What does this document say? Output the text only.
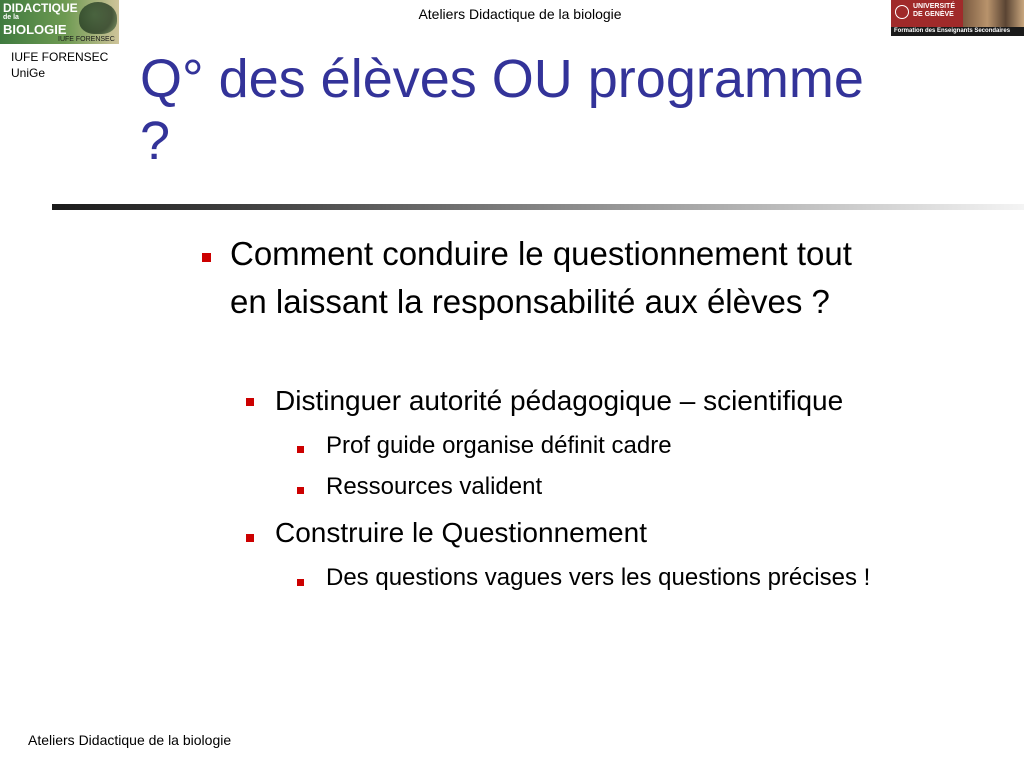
DIDACTIQUE
de la
BIOLOGIE
IUFE FORENSEC
IUFE FORENSEC
UniGe
Ateliers Didactique de la biologie	UNIVERSITÉ
DE GENÈVE
Formation des Enseignants Secondaires
Q° des élèves OU programme
?
Comment conduire le questionnement tout
en laissant la responsabilité aux élèves ?
Distinguer autorité pédagogique – scientifique
Prof guide organise définit cadre
Ressources valident
Construire le Questionnement
Des questions vagues vers les questions précises !
Ateliers Didactique de la biologie
